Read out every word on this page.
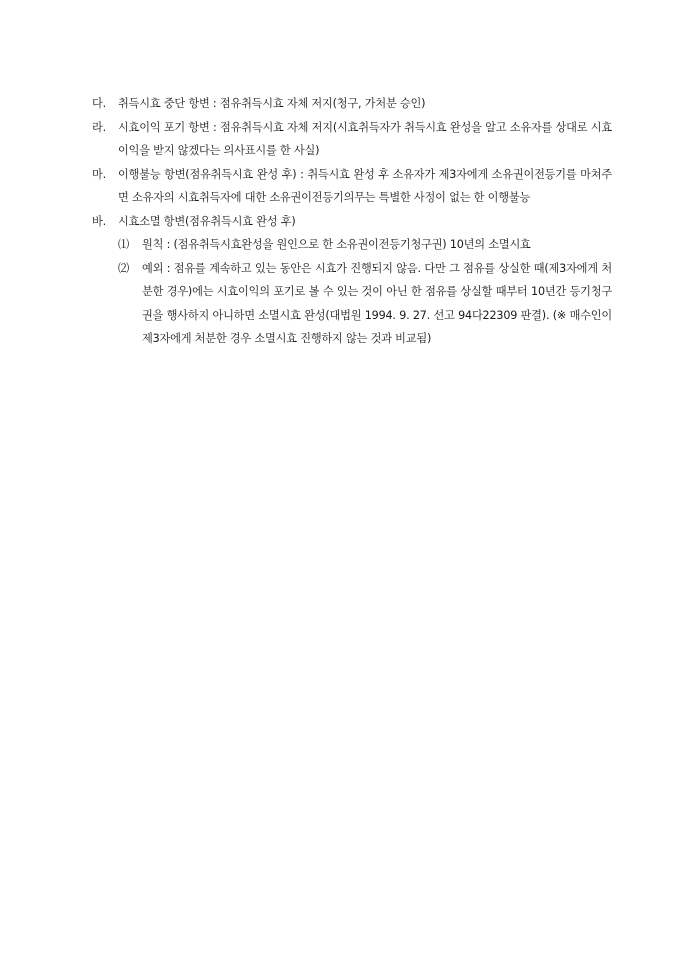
다. 취득시효 중단 항변 : 점유취득시효 자체 저지(청구, 가처분 승인)
라. 시효이익 포기 항변 : 점유취득시효 자체 저지(시효취득자가 취득시효 완성을 알고 소유자를 상대로 시효이익을 받지 않겠다는 의사표시를 한 사실)
마. 이행불능 항변(점유취득시효 완성 후) : 취득시효 완성 후 소유자가 제3자에게 소유권이전등기를 마쳐주면 소유자의 시효취득자에 대한 소유권이전등기의무는 특별한 사정이 없는 한 이행불능
바. 시효소멸 항변(점유취득시효 완성 후)
⑴ 원칙 : (점유취득시효완성을 원인으로 한 소유권이전등기청구권) 10년의 소멸시효
⑵ 예외 : 점유를 계속하고 있는 동안은 시효가 진행되지 않음. 다만 그 점유를 상실한 때(제3자에게 처분한 경우)에는 시효이익의 포기로 볼 수 있는 것이 아닌 한 점유를 상실할 때부터 10년간 등기청구권을 행사하지 아니하면 소멸시효 완성(대법원 1994. 9. 27. 선고 94다22309 판결). (※ 매수인이 제3자에게 처분한 경우 소멸시효 진행하지 않는 것과 비교됨)
